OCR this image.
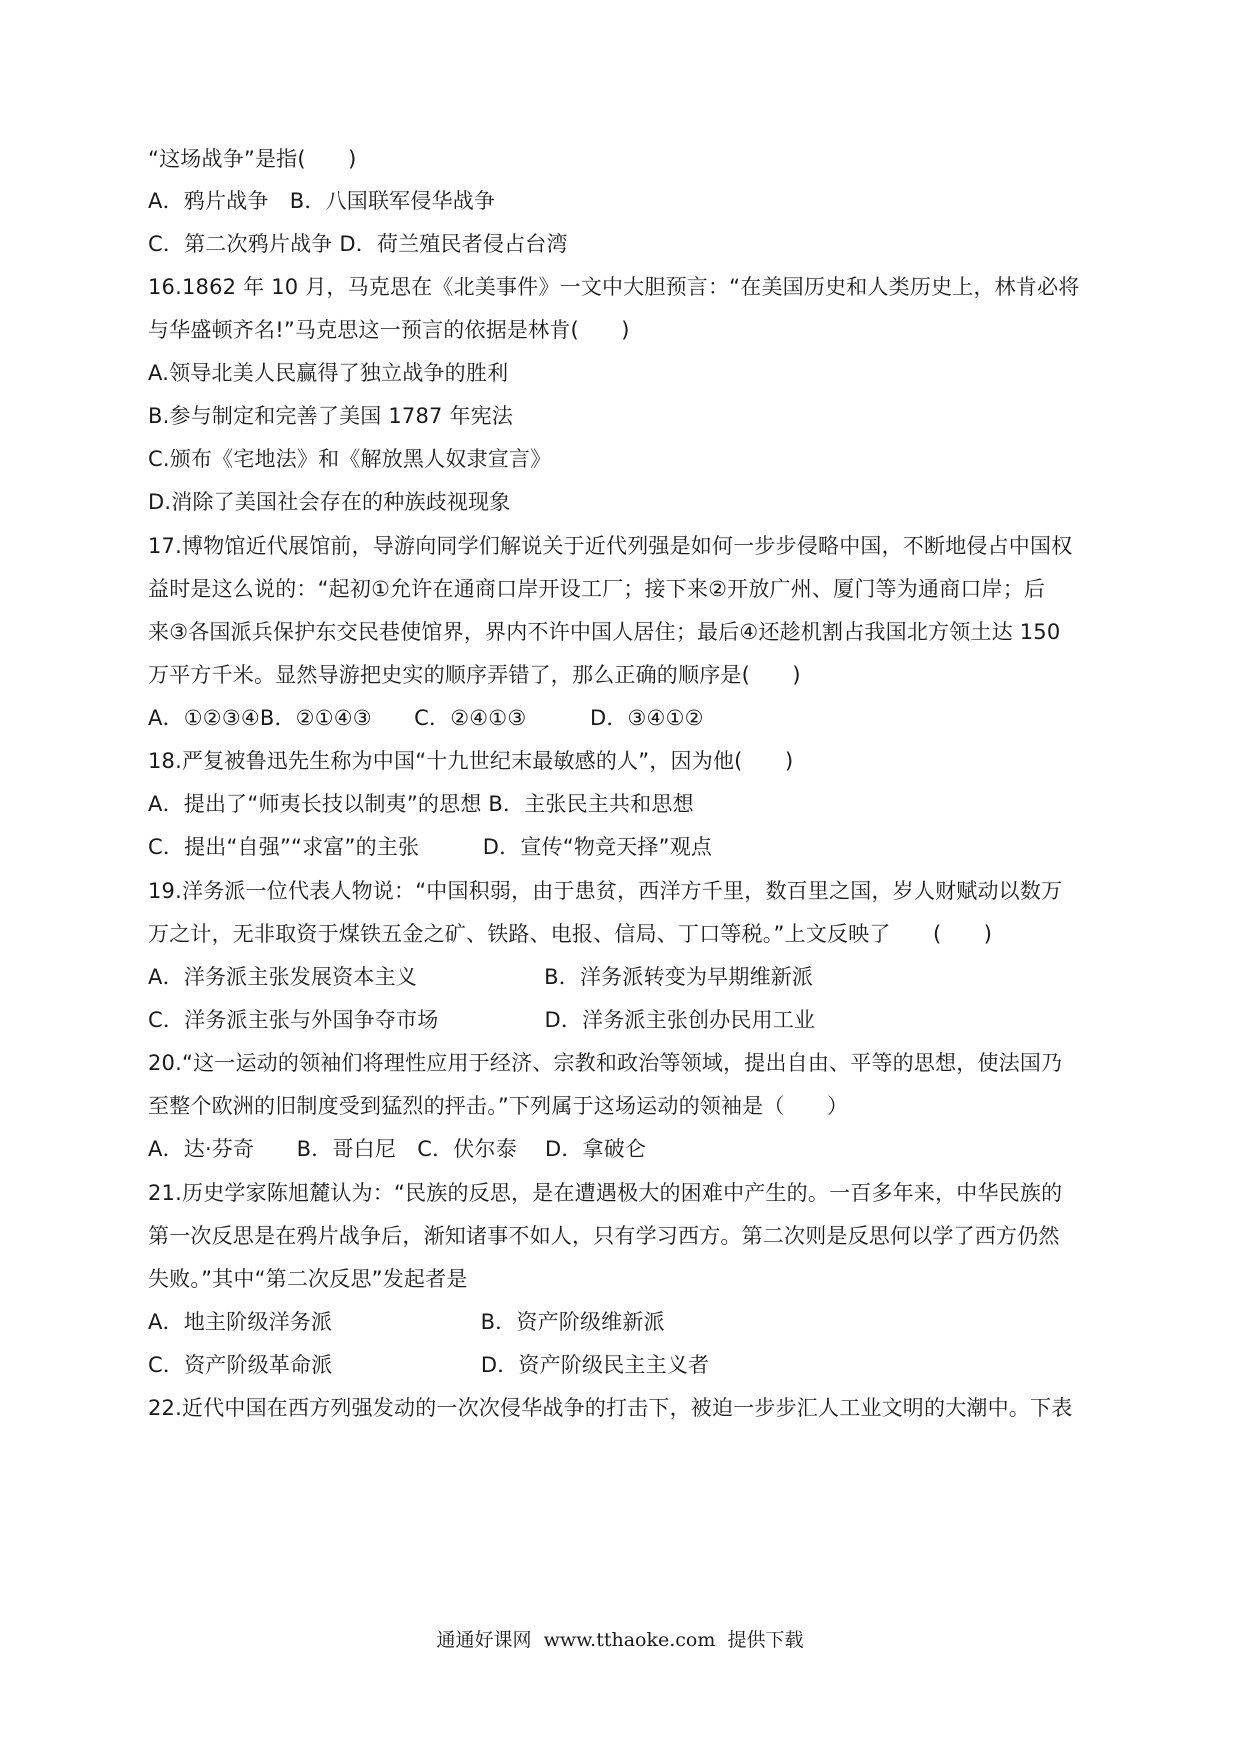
“这场战争”是指(　　)
A．鸦片战争　B．八国联军侵华战争
C．第二次鸦片战争 D．荷兰殖民者侵占台湾
16.1862 年 10 月，马克思在《北美事件》一文中大胆预言：“在美国历史和人类历史上，林肯必将
与华盛顿齐名!”马克思这一预言的依据是林肯(　　)
A.领导北美人民赢得了独立战争的胜利
B.参与制定和完善了美国 1787 年宪法
C.颁布《宅地法》和《解放黑人奴隶宣言》
D.消除了美国社会存在的种族歧视现象
17.博物馆近代展馆前，导游向同学们解说关于近代列强是如何一步步侵略中国，不断地侵占中国权
益时是这么说的：“起初①允许在通商口岸开设工厂；接下来②开放广州、厦门等为通商口岸；后
来③各国派兵保护东交民巷使馆界，界内不许中国人居住；最后④还趁机割占我国北方领土达 150
万平方千米。显然导游把史实的顺序弄错了，那么正确的顺序是(　　)
A．①②③④B．②①④③　　C．②④①③　　　D．③④①②
18.严复被鲁迅先生称为中国“十九世纪末最敏感的人”，因为他(　　)
A．提出了“师夷长技以制夷”的思想 B．主张民主共和思想
C．提出“自强”“求富”的主张　　　D．宣传“物竞天择”观点
19.洋务派一位代表人物说：“中国积弱，由于患贫，西洋方千里，数百里之国，岁人财赋动以数万
万之计，无非取资于煤铁五金之矿、铁路、电报、信局、丁口等税。”上文反映了　　(　　)
A．洋务派主张发展资本主义　　　　　　B．洋务派转变为早期维新派
C．洋务派主张与外国争夺市场　　　　　D．洋务派主张创办民用工业
20.“这一运动的领袖们将理性应用于经济、宗教和政治等领域，提出自由、平等的思想，使法国乃
至整个欧洲的旧制度受到猛烈的抨击。”下列属于这场运动的领袖是（　　）
A．达·芬奇　　B．哥白尼　C．伏尔泰　 D．拿破仑
21.历史学家陈旭麓认为：“民族的反思，是在遭遇极大的困难中产生的。一百多年来，中华民族的
第一次反思是在鸦片战争后，渐知诸事不如人，只有学习西方。第二次则是反思何以学了西方仍然
失败。”其中“第二次反思”发起者是
A．地主阶级洋务派　　　　　　　B．资产阶级维新派
C．资产阶级革命派　　　　　　　D．资产阶级民主主义者
22.近代中国在西方列强发动的一次次侵华战争的打击下，被迫一步步汇人工业文明的大潮中。下表
通通好课网  www.tthaoke.com  提供下载
